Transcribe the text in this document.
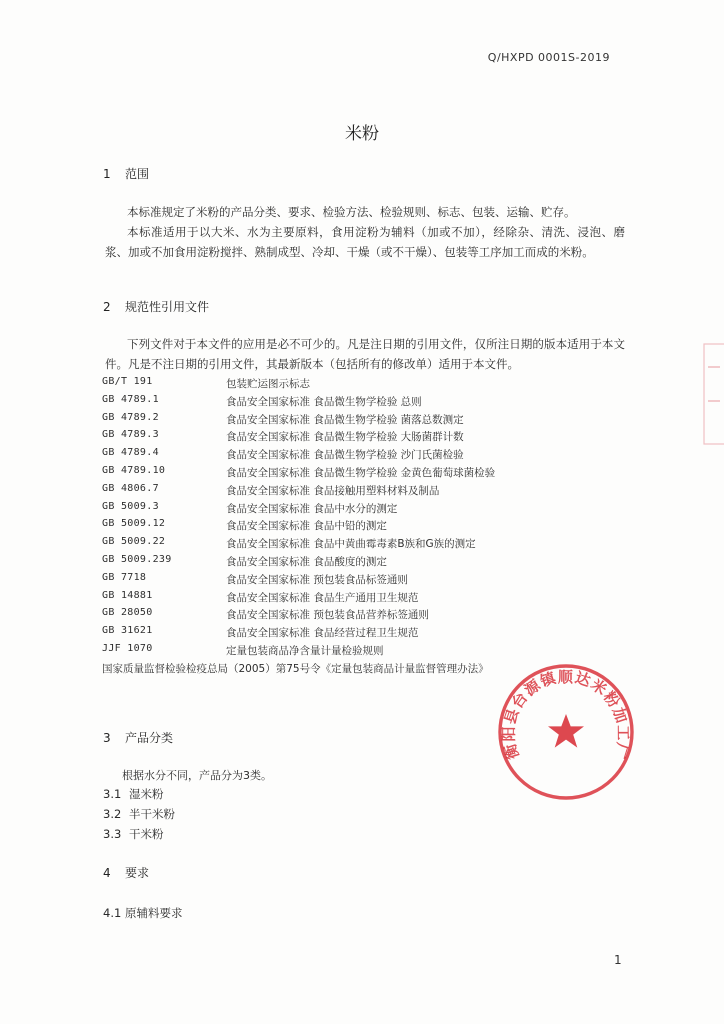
Q/HXPD 0001S-2019
米粉
1 范围

本标准规定了米粉的产品分类、要求、检验方法、检验规则、标志、包装、运输、贮存。

本标准适用于以大米、水为主要原料，食用淀粉为辅料（加或不加），经除杂、清洗、浸泡、磨浆、加或不加食用淀粉搅拌、熟制成型、冷却、干燥（或不干燥）、包装等工序加工而成的米粉。

2 规范性引用文件

下列文件对于本文件的应用是必不可少的。凡是注日期的引用文件，仅所注日期的版本适用于本文件。凡是不注日期的引用文件，其最新版本（包括所有的修改单）适用于本文件。

GB/T 191	包装贮运图示标志
GB 4789.1	食品安全国家标准 食品微生物学检验 总则
GB 4789.2	食品安全国家标准 食品微生物学检验 菌落总数测定
GB 4789.3	食品安全国家标准 食品微生物学检验 大肠菌群计数
GB 4789.4	食品安全国家标准 食品微生物学检验 沙门氏菌检验
GB 4789.10	食品安全国家标准 食品微生物学检验 金黄色葡萄球菌检验
GB 4806.7	食品安全国家标准 食品接触用塑料材料及制品
GB 5009.3	食品安全国家标准 食品中水分的测定
GB 5009.12	食品安全国家标准 食品中铅的测定
GB 5009.22	食品安全国家标准 食品中黄曲霉毒素B族和G族的测定
GB 5009.239	食品安全国家标准 食品酸度的测定
GB 7718	食品安全国家标准 预包装食品标签通则
GB 14881	食品安全国家标准 食品生产通用卫生规范
GB 28050	食品安全国家标准 预包装食品营养标签通则
GB 31621	食品安全国家标准 食品经营过程卫生规范
JJF 1070	定量包装商品净含量计量检验规则
国家质量监督检验检疫总局（2005）第75号令《定量包装商品计量监督管理办法》
3 产品分类
根据水分不同，产品分为3类。
3.1 湿米粉
3.2 半干米粉
3.3 干米粉
4 要求
4.1 原辅料要求
1
衡阳县台源镇顺达米粉加工厂
